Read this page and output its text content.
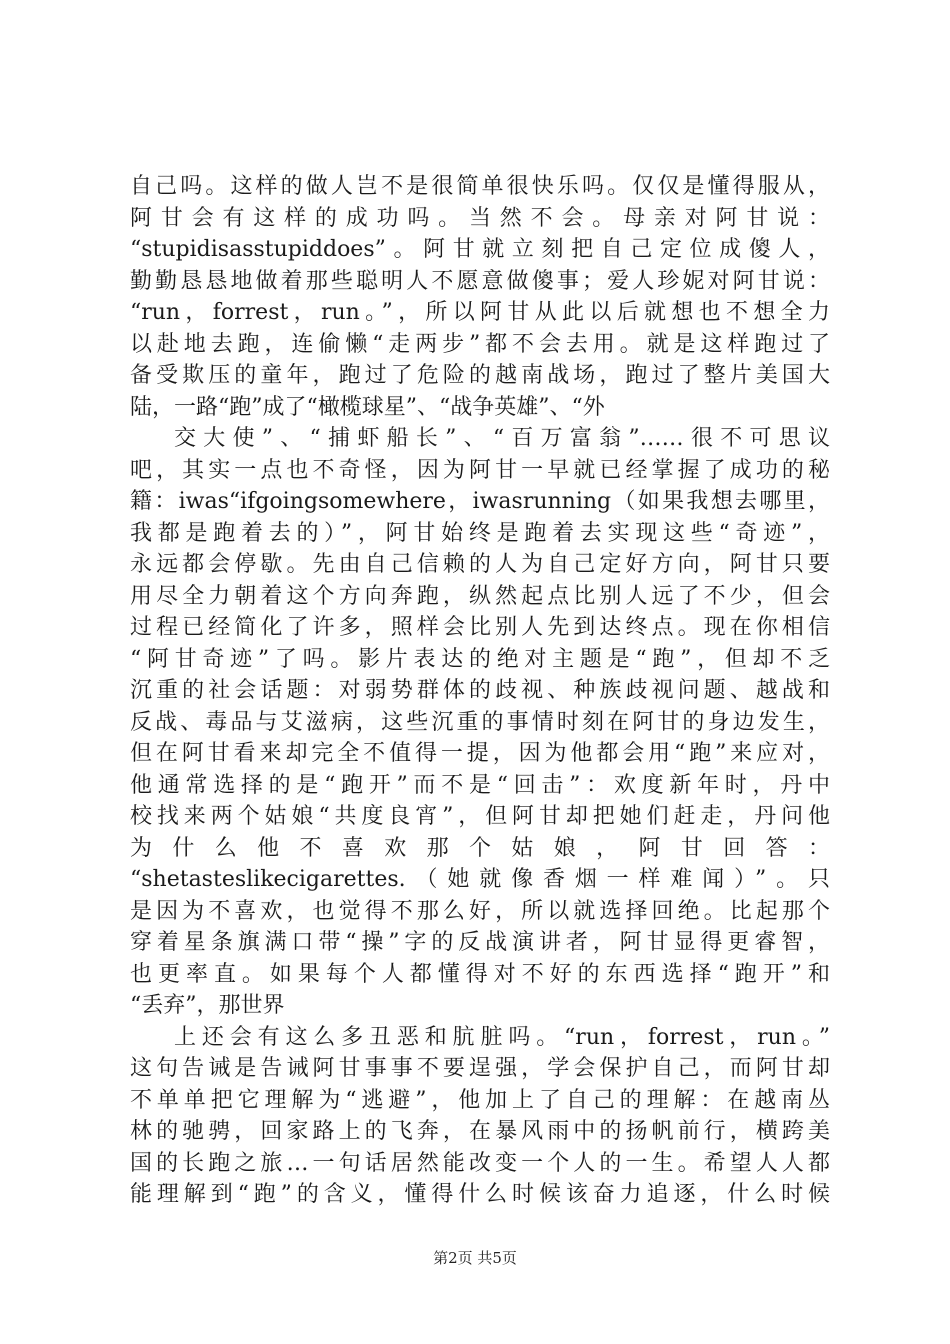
自己吗。这样的做人岂不是很简单很快乐吗。仅仅是懂得服从，
阿甘会有这样的成功吗。当然不会。母亲对阿甘说：
“stupidisasstupiddoes”。阿甘就立刻把自己定位成傻人，
勤勤恳恳地做着那些聪明人不愿意做傻事；爱人珍妮对阿甘说：
“run，forrest，run。”，所以阿甘从此以后就想也不想全力
以赴地去跑，连偷懒“走两步”都不会去用。就是这样跑过了
备受欺压的童年，跑过了危险的越南战场，跑过了整片美国大
陆，一路“跑”成了“橄榄球星”、“战争英雄”、“外
交大使”、“捕虾船长”、“百万富翁”……很不可思议
吧，其实一点也不奇怪，因为阿甘一早就已经掌握了成功的秘
籍：iwas“ifgoingsomewhere，iwasrunning（如果我想去哪里，
我都是跑着去的）”，阿甘始终是跑着去实现这些“奇迹”，
永远都会停歇。先由自己信赖的人为自己定好方向，阿甘只要
用尽全力朝着这个方向奔跑，纵然起点比别人远了不少，但会
过程已经简化了许多，照样会比别人先到达终点。现在你相信
“阿甘奇迹”了吗。影片表达的绝对主题是“跑”，但却不乏
沉重的社会话题：对弱势群体的歧视、种族歧视问题、越战和
反战、毒品与艾滋病，这些沉重的事情时刻在阿甘的身边发生，
但在阿甘看来却完全不值得一提，因为他都会用“跑”来应对，
他通常选择的是“跑开”而不是“回击”：欢度新年时，丹中
校找来两个姑娘“共度良宵”，但阿甘却把她们赶走，丹问他
为什么他不喜欢那个姑娘，阿甘回答：
“shetasteslikecigarettes.（她就像香烟一样难闻）”。只
是因为不喜欢，也觉得不那么好，所以就选择回绝。比起那个
穿着星条旗满口带“操”字的反战演讲者，阿甘显得更睿智，
也更率直。如果每个人都懂得对不好的东西选择“跑开”和
“丢弃”，那世界
上还会有这么多丑恶和肮脏吗。“run，forrest，run。”
这句告诫是告诫阿甘事事不要逞强，学会保护自己，而阿甘却
不单单把它理解为“逃避”，他加上了自己的理解：在越南丛
林的驰骋，回家路上的飞奔，在暴风雨中的扬帆前行，横跨美
国的长跑之旅…一句话居然能改变一个人的一生。希望人人都
能理解到“跑”的含义，懂得什么时候该奋力追逐，什么时候
第2页 共5页
